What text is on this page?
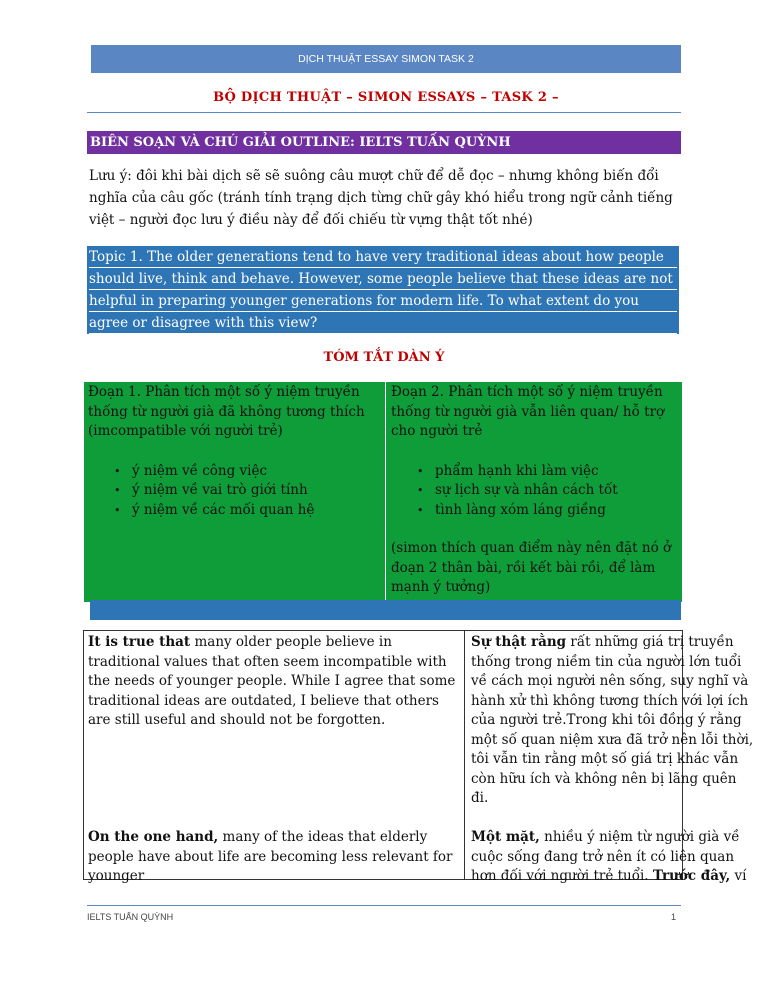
DỊCH THUẬT ESSAY SIMON TASK 2
BỘ DỊCH THUẬT – SIMON ESSAYS – TASK 2 –
BIÊN SOẠN VÀ CHÚ GIẢI OUTLINE: IELTS TUẤN QUỲNH
Lưu ý: đôi khi bài dịch sẽ sẽ suông câu mượt chữ để dễ đọc – nhưng không biến đổi nghĩa của câu gốc (tránh tính trạng dịch từng chữ gây khó hiểu trong ngữ cảnh tiếng việt – người đọc lưu ý điều này để đối chiếu từ vựng thật tốt nhé)
Topic 1. The older generations tend to have very traditional ideas about how people should live, think and behave. However, some people believe that these ideas are not helpful in preparing younger generations for modern life. To what extent do you agree or disagree with this view?
TÓM TẮT DÀN Ý
Đoạn 1. Phân tích một số ý niệm truyền thống từ người già đã không tương thích (imcompatible với người trẻ)
• ý niệm về công việc
• ý niệm về vai trò giới tính
• ý niệm về các mối quan hệ
Đoạn 2. Phân tích một số ý niệm truyền thống từ người già vẫn liên quan/ hỗ trợ cho người trẻ
• phẩm hạnh khi làm việc
• sự lịch sự và nhân cách tốt
• tình làng xóm láng giềng
(simon thích quan điểm này nên đặt nó ở đoạn 2 thân bài, rồi kết bài rồi, để làm mạnh ý tưởng)
It is true that many older people believe in traditional values that often seem incompatible with the needs of younger people. While I agree that some traditional ideas are outdated, I believe that others are still useful and should not be forgotten.
Sự thật rằng rất những giá trị truyền thống trong niềm tin của người lớn tuổi về cách mọi người nên sống, suy nghĩ và hành xử thì không tương thích với lợi ích của người trẻ.Trong khi tôi đồng ý rằng một số quan niệm xưa đã trở nên lỗi thời, tôi vẫn tin rằng một số giá trị khác vẫn còn hữu ích và không nên bị lãng quên đi.
On the one hand, many of the ideas that elderly people have about life are becoming less relevant for younger
Một mặt, nhiều ý niệm từ người già về cuộc sống đang trở nên ít có liên quan hơn đối với người trẻ tuổi. Trước đây, ví
IELTS TUẤN QUỲNH	1
